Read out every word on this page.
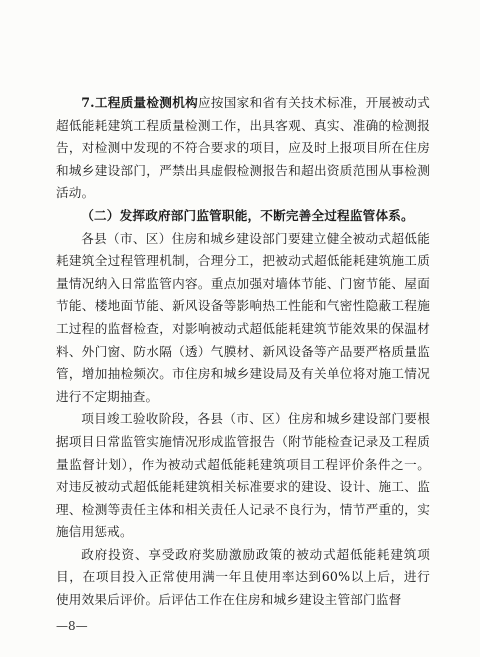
7.工程质量检测机构应按国家和省有关技术标准，开展被动式超低能耗建筑工程质量检测工作，出具客观、真实、准确的检测报告，对检测中发现的不符合要求的项目，应及时上报项目所在住房和城乡建设部门，严禁出具虚假检测报告和超出资质范围从事检测活动。

（二）发挥政府部门监管职能，不断完善全过程监管体系。

各县（市、区）住房和城乡建设部门要建立健全被动式超低能耗建筑全过程管理机制，合理分工，把被动式超低能耗建筑施工质量情况纳入日常监管内容。重点加强对墙体节能、门窗节能、屋面节能、楼地面节能、新风设备等影响热工性能和气密性隐蔽工程施工过程的监督检查，对影响被动式超低能耗建筑节能效果的保温材料、外门窗、防水隔（透）气膜材、新风设备等产品要严格质量监管，增加抽检频次。市住房和城乡建设局及有关单位将对施工情况进行不定期抽查。

项目竣工验收阶段，各县（市、区）住房和城乡建设部门要根据项目日常监管实施情况形成监管报告（附节能检查记录及工程质量监督计划），作为被动式超低能耗建筑项目工程评价条件之一。对违反被动式超低能耗建筑相关标准要求的建设、设计、施工、监理、检测等责任主体和相关责任人记录不良行为，情节严重的，实施信用惩戒。

政府投资、享受政府奖励激励政策的被动式超低能耗建筑项目，在项目投入正常使用满一年且使用率达到60%以上后，进行使用效果后评价。后评估工作在住房和城乡建设主管部门监督

—8—
